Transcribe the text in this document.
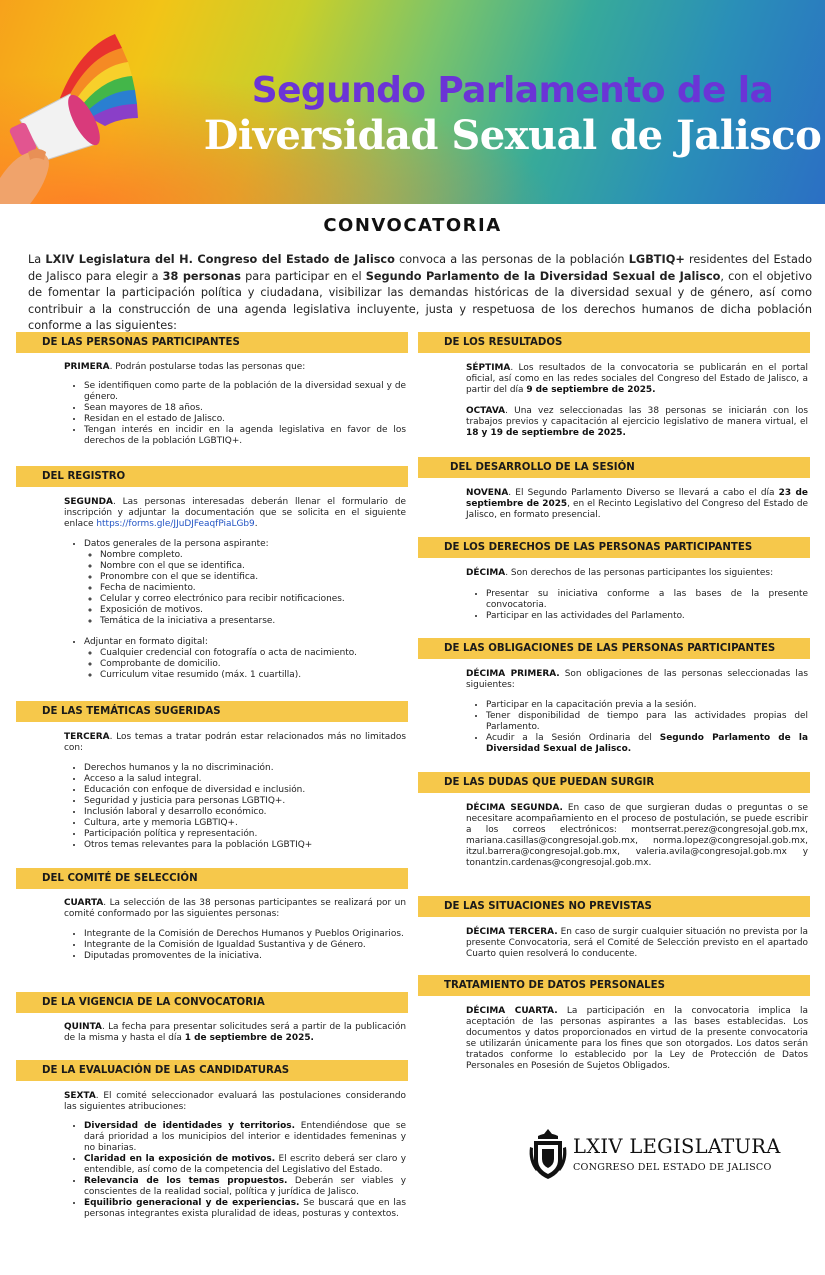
Segundo Parlamento de la
Diversidad Sexual de Jalisco
CONVOCATORIA
La LXIV Legislatura del H. Congreso del Estado de Jalisco convoca a las personas de la población LGBTIQ+ residentes del Estado de Jalisco para elegir a 38 personas para participar en el Segundo Parlamento de la Diversidad Sexual de Jalisco, con el objetivo de fomentar la participación política y ciudadana, visibilizar las demandas históricas de la diversidad sexual y de género, así como contribuir a la construcción de una agenda legislativa incluyente, justa y respetuosa de los derechos humanos de dicha población conforme a las siguientes:
DE LAS PERSONAS PARTICIPANTES

PRIMERA. Podrán postularse todas las personas que:

• Se identifiquen como parte de la población de la diversidad sexual y de género.
• Sean mayores de 18 años.
• Residan en el estado de Jalisco.
• Tengan interés en incidir en la agenda legislativa en favor de los derechos de la población LGBTIQ+.
DEL REGISTRO

SEGUNDA. Las personas interesadas deberán llenar el formulario de inscripción y adjuntar la documentación que se solicita en el siguiente enlace https://forms.gle/JJuDJFeaqfPiaLGb9.

• Datos generales de la persona aspirante:
◦ Nombre completo.
◦ Nombre con el que se identifica.
◦ Pronombre con el que se identifica.
◦ Fecha de nacimiento.
◦ Celular y correo electrónico para recibir notificaciones.
◦ Exposición de motivos.
◦ Temática de la iniciativa a presentarse.
• Adjuntar en formato digital:
◦ Cualquier credencial con fotografía o acta de nacimiento.
◦ Comprobante de domicilio.
◦ Curriculum vitae resumido (máx. 1 cuartilla).
DE LAS TEMÁTICAS SUGERIDAS

TERCERA. Los temas a tratar podrán estar relacionados más no limitados con:

• Derechos humanos y la no discriminación.
• Acceso a la salud integral.
• Educación con enfoque de diversidad e inclusión.
• Seguridad y justicia para personas LGBTIQ+.
• Inclusión laboral y desarrollo económico.
• Cultura, arte y memoria LGBTIQ+.
• Participación política y representación.
• Otros temas relevantes para la población LGBTIQ+
DEL COMITÉ DE SELECCIÓN

CUARTA. La selección de las 38 personas participantes se realizará por un comité conformado por las siguientes personas:

• Integrante de la Comisión de Derechos Humanos y Pueblos Originarios.
• Integrante de la Comisión de Igualdad Sustantiva y de Género.
• Diputadas promoventes de la iniciativa.
DE LA VIGENCIA DE LA CONVOCATORIA

QUINTA. La fecha para presentar solicitudes será a partir de la publicación de la misma y hasta el día 1 de septiembre de 2025.

DE LA EVALUACIÓN DE LAS CANDIDATURAS

SEXTA. El comité seleccionador evaluará las postulaciones considerando las siguientes atribuciones:

• Diversidad de identidades y territorios. Entendiéndose que se dará prioridad a los municipios del interior e identidades femeninas y no binarias.
• Claridad en la exposición de motivos. El escrito deberá ser claro y entendible, así como de la competencia del Legislativo del Estado.
• Relevancia de los temas propuestos. Deberán ser viables y conscientes de la realidad social, política y jurídica de Jalisco.
• Equilibrio generacional y de experiencias. Se buscará que en las personas integrantes exista pluralidad de ideas, posturas y contextos.
DE LOS RESULTADOS

SÉPTIMA. Los resultados de la convocatoria se publicarán en el portal oficial, así como en las redes sociales del Congreso del Estado de Jalisco, a partir del día 9 de septiembre de 2025.

OCTAVA. Una vez seleccionadas las 38 personas se iniciarán con los trabajos previos y capacitación al ejercicio legislativo de manera virtual, el 18 y 19 de septiembre de 2025.

DEL DESARROLLO DE LA SESIÓN

NOVENA. El Segundo Parlamento Diverso se llevará a cabo el día 23 de septiembre de 2025, en el Recinto Legislativo del Congreso del Estado de Jalisco, en formato presencial.

DE LOS DERECHOS DE LAS PERSONAS PARTICIPANTES

DÉCIMA. Son derechos de las personas participantes los siguientes:

• Presentar su iniciativa conforme a las bases de la presente convocatoria.
• Participar en las actividades del Parlamento.
DE LAS OBLIGACIONES DE LAS PERSONAS PARTICIPANTES

DÉCIMA PRIMERA. Son obligaciones de las personas seleccionadas las siguientes:

• Participar en la capacitación previa a la sesión.
• Tener disponibilidad de tiempo para las actividades propias del Parlamento.
• Acudir a la Sesión Ordinaria del Segundo Parlamento de la Diversidad Sexual de Jalisco.
DE LAS DUDAS QUE PUEDAN SURGIR

DÉCIMA SEGUNDA. En caso de que surgieran dudas o preguntas o se necesitare acompañamiento en el proceso de postulación, se puede escribir a los correos electrónicos: montserrat.perez@congresojal.gob.mx, mariana.casillas@congresojal.gob.mx, norma.lopez@congresojal.gob.mx, itzul.barrera@congresojal.gob.mx, valeria.avila@congresojal.gob.mx y tonantzin.cardenas@congresojal.gob.mx.

DE LAS SITUACIONES NO PREVISTAS

DÉCIMA TERCERA. En caso de surgir cualquier situación no prevista por la presente Convocatoria, será el Comité de Selección previsto en el apartado Cuarto quien resolverá lo conducente.

TRATAMIENTO DE DATOS PERSONALES

DÉCIMA CUARTA. La participación en la convocatoria implica la aceptación de las personas aspirantes a las bases establecidas. Los documentos y datos proporcionados en virtud de la presente convocatoria se utilizarán únicamente para los fines que son otorgados. Los datos serán tratados conforme lo establecido por la Ley de Protección de Datos Personales en Posesión de Sujetos Obligados.

LXIV LEGISLATURA
CONGRESO DEL ESTADO DE JALISCO
